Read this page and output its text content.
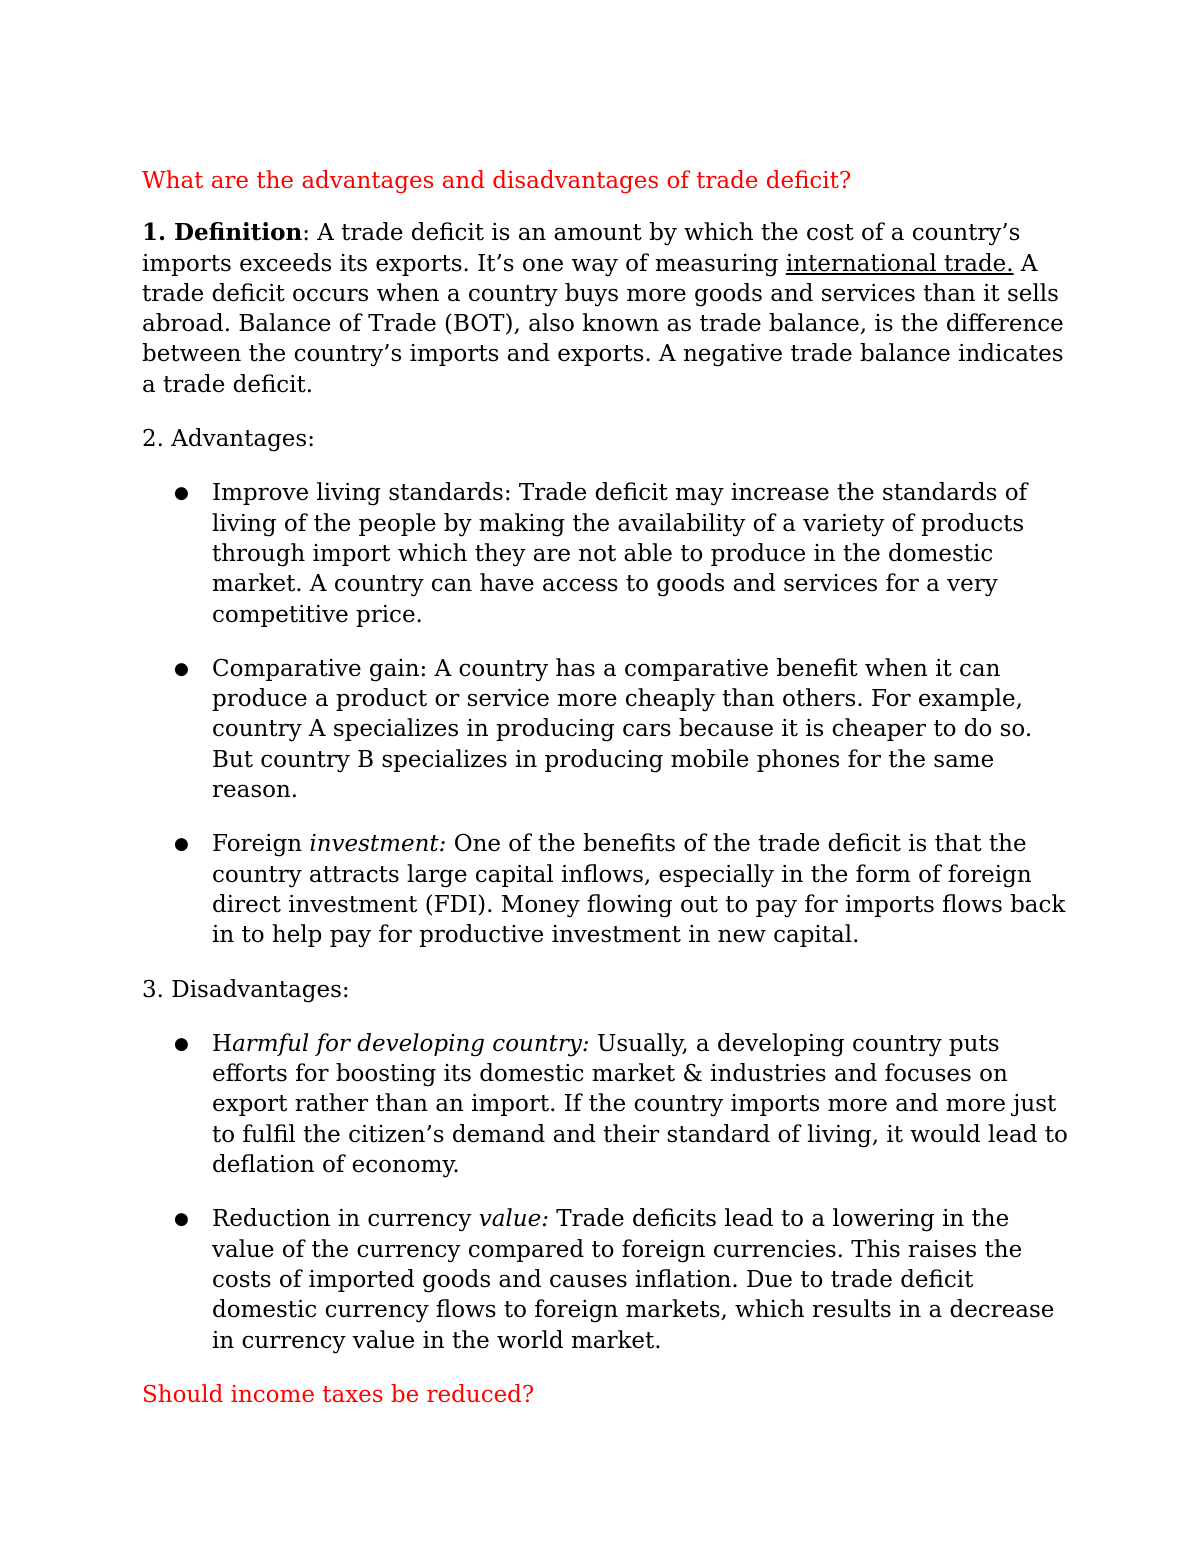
What are the advantages and disadvantages of trade deficit?

1. Definition: A trade deficit is an amount by which the cost of a country’s imports exceeds its exports. It’s one way of measuring international trade. A trade deficit occurs when a country buys more goods and services than it sells abroad. Balance of Trade (BOT), also known as trade balance, is the difference between the country’s imports and exports. A negative trade balance indicates a trade deficit.

2. Advantages:

● Improve living standards: Trade deficit may increase the standards of living of the people by making the availability of a variety of products through import which they are not able to produce in the domestic market. A country can have access to goods and services for a very competitive price.
● Comparative gain: A country has a comparative benefit when it can produce a product or service more cheaply than others. For example, country A specializes in producing cars because it is cheaper to do so. But country B specializes in producing mobile phones for the same reason.
● Foreign investment: One of the benefits of the trade deficit is that the country attracts large capital inflows, especially in the form of foreign direct investment (FDI). Money flowing out to pay for imports flows back in to help pay for productive investment in new capital.

3. Disadvantages:

● Harmful for developing country: Usually, a developing country puts efforts for boosting its domestic market & industries and focuses on export rather than an import. If the country imports more and more just to fulfil the citizen’s demand and their standard of living, it would lead to deflation of economy.
● Reduction in currency value: Trade deficits lead to a lowering in the value of the currency compared to foreign currencies. This raises the costs of imported goods and causes inflation. Due to trade deficit domestic currency flows to foreign markets, which results in a decrease in currency value in the world market.

Should income taxes be reduced?
